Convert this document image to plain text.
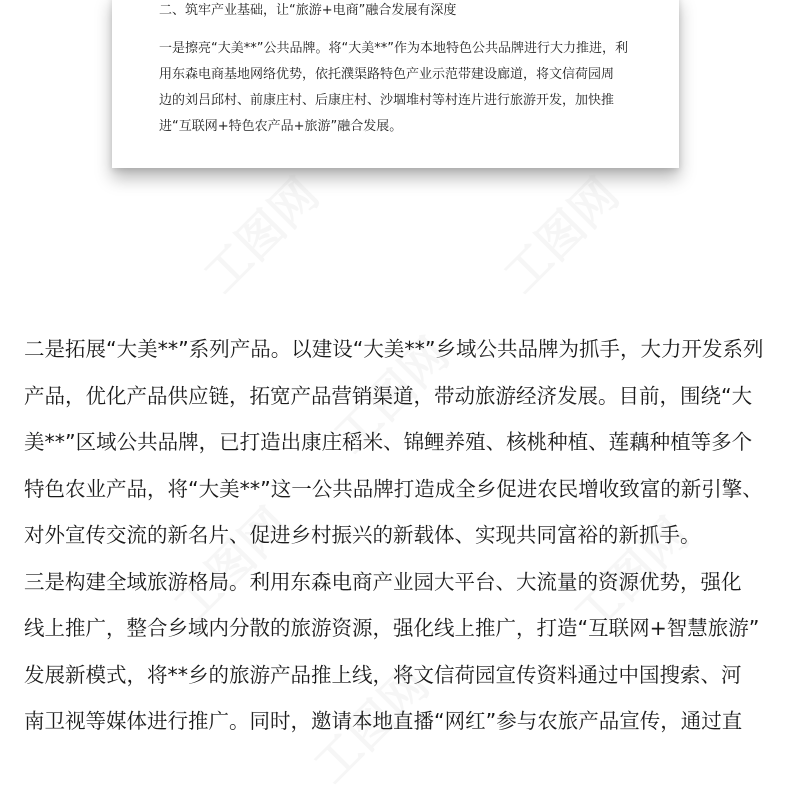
二、筑牢产业基础，让“旅游+电商”融合发展有深度
一是擦亮“大美**”公共品牌。将“大美**”作为本地特色公共品牌进行大力推进，利
用东森电商基地网络优势，依托濮渠路特色产业示范带建设廊道，将文信荷园周
边的刘吕邱村、前康庄村、后康庄村、沙堌堆村等村连片进行旅游开发，加快推
进“互联网+特色农产品+旅游”融合发展。
工图网	工图网
工图网
工图网	工图网
工图网
二是拓展“大美**”系列产品。以建设“大美**”乡域公共品牌为抓手，大力开发系列
产品，优化产品供应链，拓宽产品营销渠道，带动旅游经济发展。目前，围绕“大
美**”区域公共品牌，已打造出康庄稻米、锦鲤养殖、核桃种植、莲藕种植等多个
特色农业产品，将“大美**”这一公共品牌打造成全乡促进农民增收致富的新引擎、
对外宣传交流的新名片、促进乡村振兴的新载体、实现共同富裕的新抓手。
三是构建全域旅游格局。利用东森电商产业园大平台、大流量的资源优势，强化
线上推广，整合乡域内分散的旅游资源，强化线上推广，打造“互联网+智慧旅游”
发展新模式，将**乡的旅游产品推上线，将文信荷园宣传资料通过中国搜索、河
南卫视等媒体进行推广。同时，邀请本地直播“网红”参与农旅产品宣传，通过直
